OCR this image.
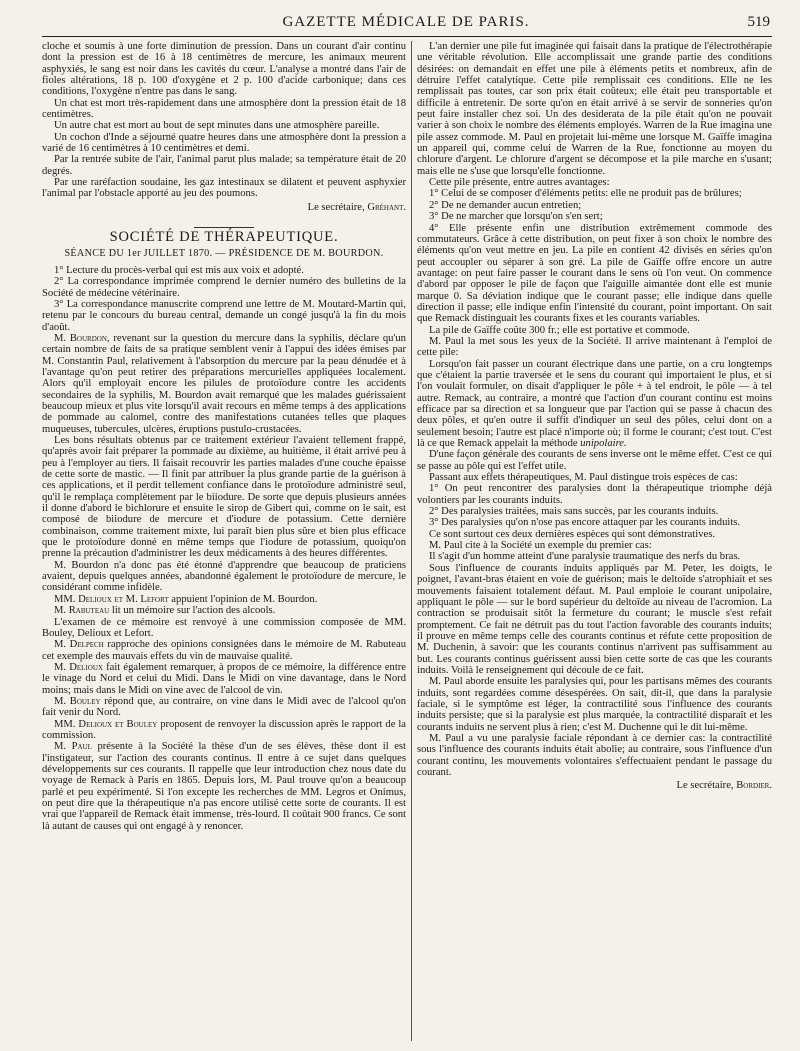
GAZETTE MÉDICALE DE PARIS.	519

cloche et soumis à une forte diminution de pression. Dans un courant d'air continu dont la pression est de 16 à 18 centimètres de mercure, les animaux meurent asphyxiés, le sang est noir dans les cavités du cœur. L'analyse a montré dans l'air de fioles altérations, 18 p. 100 d'oxygène et 2 p. 100 d'acide carbonique; dans ces conditions, l'oxygène n'entre pas dans le sang.

Un chat est mort très-rapidement dans une atmosphère dont la pression était de 18 centimètres.

Un autre chat est mort au bout de sept minutes dans une atmosphère pareille.

Un cochon d'Inde a séjourné quatre heures dans une atmosphère dont la pression a varié de 16 centimètres à 10 centimètres et demi.

Par la rentrée subite de l'air, l'animal parut plus malade; sa température était de 20 degrés.

Par une raréfaction soudaine, les gaz intestinaux se dilatent et peuvent asphyxier l'animal par l'obstacle apporté au jeu des poumons.

Le secrétaire, Gréhant.

SOCIÉTÉ DE THÉRAPEUTIQUE.
SÉANCE DU 1er JUILLET 1870. — PRÉSIDENCE DE M. BOURDON.

1° Lecture du procès-verbal qui est mis aux voix et adopté.

2° La correspondance imprimée comprend le dernier numéro des bulletins de la Société de médecine vétérinaire.

3° La correspondance manuscrite comprend une lettre de M. Moutard-Martin qui, retenu par le concours du bureau central, demande un congé jusqu'à la fin du mois d'août.

M. Bourdon, revenant sur la question du mercure dans la syphilis, déclare qu'un certain nombre de faits de sa pratique semblent venir à l'appui des idées émises par M. Constantin Paul, relativement à l'absorption du mercure par la peau dénudée et à l'avantage qu'on peut retirer des préparations mercurielles appliquées localement. Alors qu'il employait encore les pilules de protoïodure contre les accidents secondaires de la syphilis, M. Bourdon avait remarqué que les malades guérissaient beaucoup mieux et plus vite lorsqu'il avait recours en même temps à des applications de pommade au calomel, contre des manifestations cutanées telles que plaques muqueuses, tubercules, ulcères, éruptions pustulo-crustacées.

Les bons résultats obtenus par ce traitement extérieur l'avaient tellement frappé, qu'après avoir fait préparer la pommade au dixième, au huitième, il était arrivé peu à peu à l'employer au tiers. Il faisait recouvrir les parties malades d'une couche épaisse de cette sorte de mastic. — Il finit par attribuer la plus grande partie de la guérison à ces applications, et il perdit tellement confiance dans le protoïodure administré seul, qu'il le remplaça complètement par le biiodure. De sorte que depuis plusieurs années il donne d'abord le bichlorure et ensuite le sirop de Gibert qui, comme on le sait, est composé de biiodure de mercure et d'iodure de potassium. Cette dernière combinaison, comme traitement mixte, lui paraît bien plus sûre et bien plus efficace que le protoïodure donné en même temps que l'iodure de potassium, quoiqu'on prenne la précaution d'administrer les deux médicaments à des heures différentes.

M. Bourdon n'a donc pas été étonné d'apprendre que beaucoup de praticiens avaient, depuis quelques années, abandonné également le protoïodure de mercure, le considérant comme infidèle.

MM. Delioux et M. Lefort appuient l'opinion de M. Bourdon.

M. Rabuteau lit un mémoire sur l'action des alcools.

L'examen de ce mémoire est renvoyé à une commission composée de MM. Bouley, Delioux et Lefort.

M. Delpech rapproche des opinions consignées dans le mémoire de M. Rabuteau cet exemple des mauvais effets du vin de mauvaise qualité.

M. Delioux fait également remarquer, à propos de ce mémoire, la différence entre le vinage du Nord et celui du Midi. Dans le Midi on vine davantage, dans le Nord moins; mais dans le Midi on vine avec de l'alcool de vin.

M. Bouley répond que, au contraire, on vine dans le Midi avec de l'alcool qu'on fait venir du Nord.

MM. Delioux et Bouley proposent de renvoyer la discussion après le rapport de la commission.

M. Paul présente à la Société la thèse d'un de ses élèves, thèse dont il est l'instigateur, sur l'action des courants continus. Il entre à ce sujet dans quelques développements sur ces courants. Il rappelle que leur introduction chez nous date du voyage de Remack à Paris en 1865. Depuis lors, M. Paul trouve qu'on a beaucoup parlé et peu expérimenté. Si l'on excepte les recherches de MM. Legros et Onimus, on peut dire que la thérapeutique n'a pas encore utilisé cette sorte de courants. Il est vrai que l'appareil de Remack était immense, très-lourd. Il coûtait 900 francs. Ce sont là autant de causes qui ont engagé à y renoncer.

L'an dernier une pile fut imaginée qui faisait dans la pratique de l'électrothérapie une véritable révolution. Elle accomplissait une grande partie des conditions désirées: on demandait en effet une pile à éléments petits et nombreux, afin de détruire l'effet catalytique. Cette pile remplissait ces conditions. Elle ne les remplissait pas toutes, car son prix était coûteux; elle était peu transportable et difficile à entretenir. De sorte qu'on en était arrivé à se servir de sonneries qu'on peut faire installer chez soi. Un des desiderata de la pile était qu'on ne pouvait varier à son choix le nombre des éléments employés. Warren de la Rue imagina une pile assez commode. M. Paul en projetait lui-même une lorsque M. Gaïffe imagina un appareil qui, comme celui de Warren de la Rue, fonctionne au moyen du chlorure d'argent. Le chlorure d'argent se décompose et la pile marche en s'usant; mais elle ne s'use que lorsqu'elle fonctionne.

Cette pile présente, entre autres avantages:

1° Celui de se composer d'éléments petits: elle ne produit pas de brûlures;

2° De ne demander aucun entretien;

3° De ne marcher que lorsqu'on s'en sert;

4° Elle présente enfin une distribution extrêmement commode des commutateurs. Grâce à cette distribution, on peut fixer à son choix le nombre des éléments qu'on veut mettre en jeu. La pile en contient 42 divisés en séries qu'on peut accoupler ou séparer à son gré. La pile de Gaïffe offre encore un autre avantage: on peut faire passer le courant dans le sens où l'on veut. On commence d'abord par opposer le pile de façon que l'aiguille aimantée dont elle est munie marque 0. Sa déviation indique que le courant passe; elle indique dans quelle direction il passe; elle indique enfin l'intensité du courant, point important. On sait que Remack distinguait les courants fixes et les courants variables.

La pile de Gaïffe coûte 300 fr.; elle est portative et commode.

M. Paul la met sous les yeux de la Société. Il arrive maintenant à l'emploi de cette pile:

Lorsqu'on fait passer un courant électrique dans une partie, on a cru longtemps que c'étaient la partie traversée et le sens du courant qui importaient le plus, et si l'on voulait formuler, on disait d'appliquer le pôle + à tel endroit, le pôle — à tel autre. Remack, au contraire, a montré que l'action d'un courant continu est moins efficace par sa direction et sa longueur que par l'action qui se passe à chacun des deux pôles, et qu'en outre il suffit d'indiquer un seul des pôles, celui dont on a seulement besoin; l'autre est placé n'importe où; il forme le courant; c'est tout. C'est là ce que Remack appelait la méthode unipolaire.

D'une façon générale des courants de sens inverse ont le même effet. C'est ce qui se passe au pôle qui est l'effet utile.

Passant aux effets thérapeutiques, M. Paul distingue trois espèces de cas:

1° On peut rencontrer des paralysies dont la thérapeutique triomphe déjà volontiers par les courants induits.

2° Des paralysies traitées, mais sans succès, par les courants induits.

3° Des paralysies qu'on n'ose pas encore attaquer par les courants induits.

Ce sont surtout ces deux dernières espèces qui sont démonstratives.

M. Paul cite à la Société un exemple du premier cas:

Il s'agit d'un homme atteint d'une paralysie traumatique des nerfs du bras.

Sous l'influence de courants induits appliqués par M. Peter, les doigts, le poignet, l'avant-bras étaient en voie de guérison; mais le deltoïde s'atrophiait et ses mouvements faisaient totalement défaut. M. Paul emploie le courant unipolaire, appliquant le pôle — sur le bord supérieur du deltoïde au niveau de l'acromion. La contraction se produisait sitôt la fermeture du courant; le muscle s'est refait promptement. Ce fait ne détruit pas du tout l'action favorable des courants induits; il prouve en même temps celle des courants continus et réfute cette proposition de M. Duchenin, à savoir: que les courants continus n'arrivent pas suffisamment au but. Les courants continus guérissent aussi bien cette sorte de cas que les courants induits. Voilà le renseignement qui découle de ce fait.

M. Paul aborde ensuite les paralysies qui, pour les partisans mêmes des courants induits, sont regardées comme désespérées. On sait, dit-il, que dans la paralysie faciale, si le symptôme est léger, la contractilité sous l'influence des courants induits persiste; que si la paralysie est plus marquée, la contractilité disparaît et les courants induits ne servent plus à rien; c'est M. Duchenne qui le dit lui-même.

M. Paul a vu une paralysie faciale répondant à ce dernier cas: la contractilité sous l'influence des courants induits était abolie; au contraire, sous l'influence d'un courant continu, les mouvements volontaires s'effectuaient pendant le passage du courant.

Le secrétaire, Bordier.
